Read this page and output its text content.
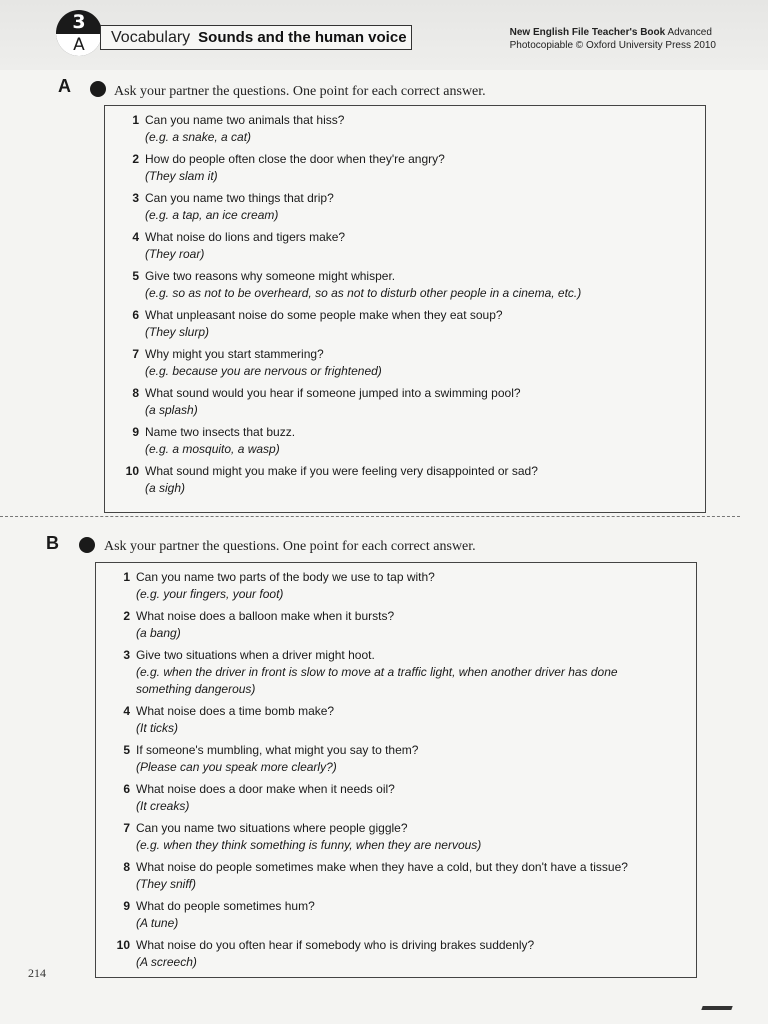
3
A	Vocabulary Sounds and the human voice	New English File Teacher's Book Advanced
Photocopiable © Oxford University Press 2010
A	Ask your partner the questions. One point for each correct answer.
1 Can you name two animals that hiss?
(e.g. a snake, a cat)
2 How do people often close the door when they're angry?
(They slam it)
3 Can you name two things that drip?
(e.g. a tap, an ice cream)
4 What noise do lions and tigers make?
(They roar)
5 Give two reasons why someone might whisper.
(e.g. so as not to be overheard, so as not to disturb other people in a cinema, etc.)
6 What unpleasant noise do some people make when they eat soup?
(They slurp)
7 Why might you start stammering?
(e.g. because you are nervous or frightened)
8 What sound would you hear if someone jumped into a swimming pool?
(a splash)
9 Name two insects that buzz.
(e.g. a mosquito, a wasp)
10 What sound might you make if you were feeling very disappointed or sad?
(a sigh)
B	Ask your partner the questions. One point for each correct answer.
1 Can you name two parts of the body we use to tap with?
(e.g. your fingers, your foot)
2 What noise does a balloon make when it bursts?
(a bang)
3 Give two situations when a driver might hoot.
(e.g. when the driver in front is slow to move at a traffic light, when another driver has done something dangerous)
4 What noise does a time bomb make?
(It ticks)
5 If someone's mumbling, what might you say to them?
(Please can you speak more clearly?)
6 What noise does a door make when it needs oil?
(It creaks)
7 Can you name two situations where people giggle?
(e.g. when they think something is funny, when they are nervous)
8 What noise do people sometimes make when they have a cold, but they don't have a tissue?
(They sniff)
9 What do people sometimes hum?
(A tune)
10 What noise do you often hear if somebody who is driving brakes suddenly?
(A screech)
214
